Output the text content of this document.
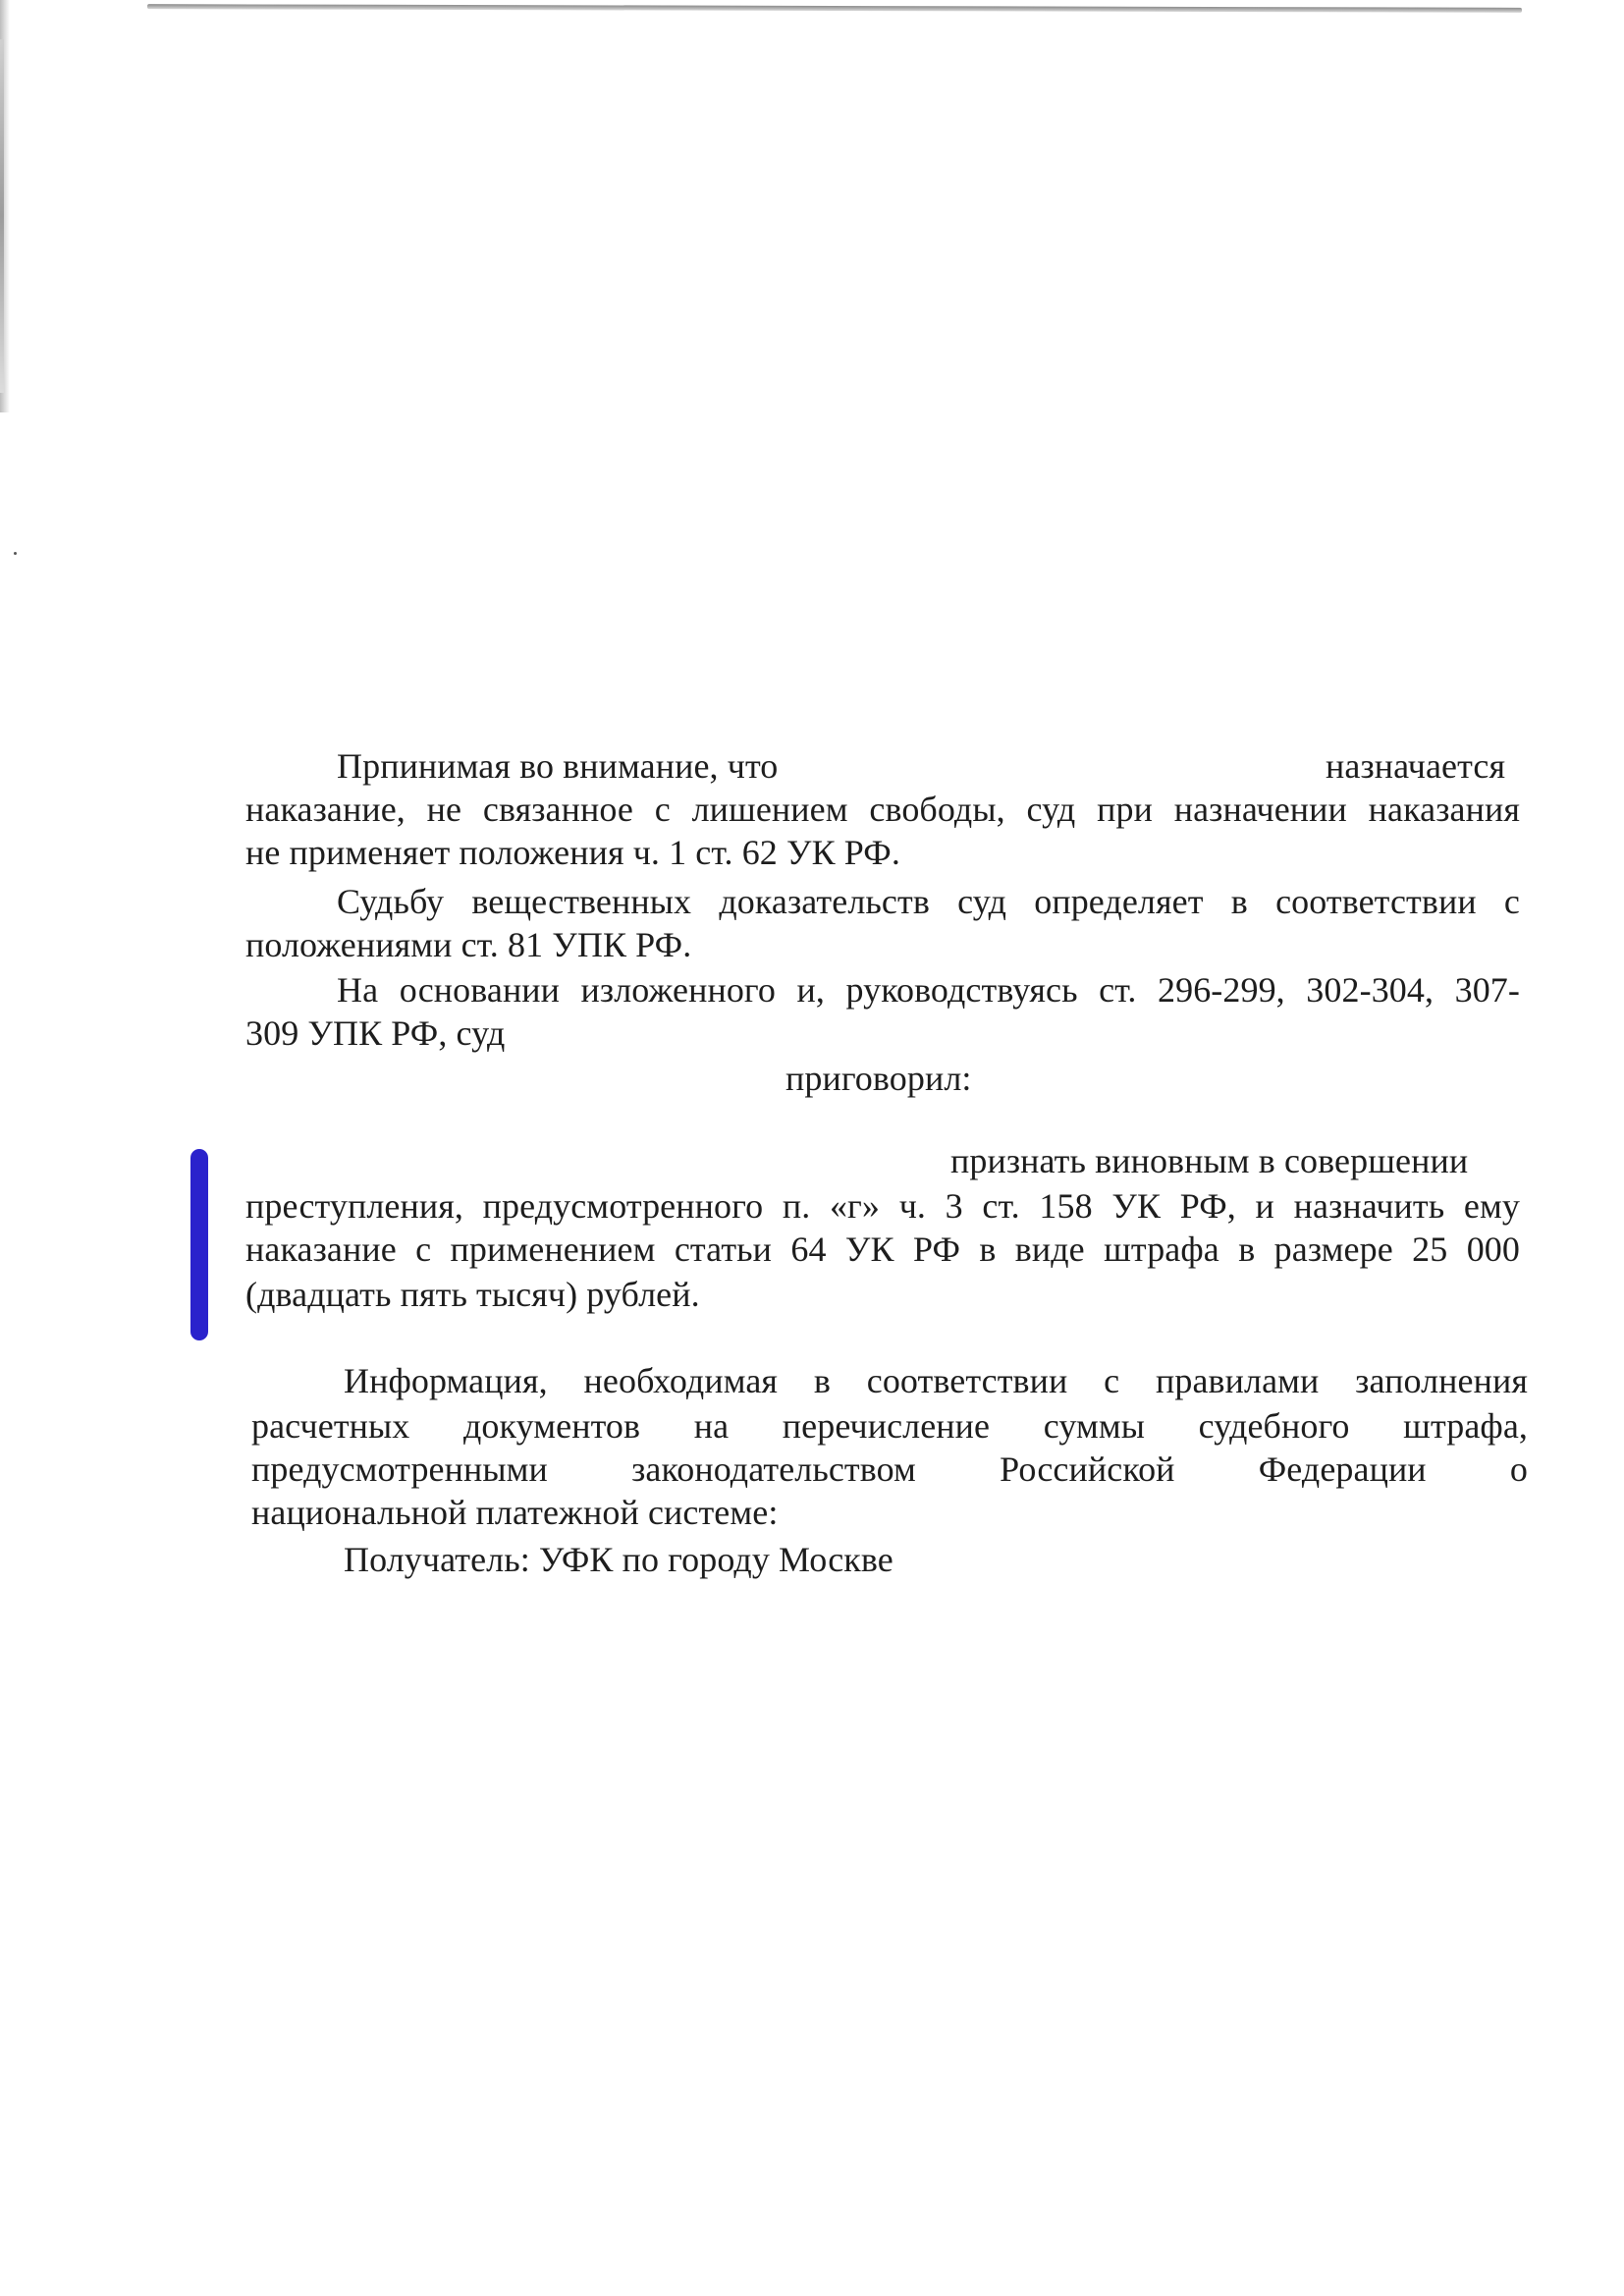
Прпинимая во внимание, что	назначается
наказание, не связанное с лишением свободы, суд при назначении наказания
не применяет положения ч. 1 ст. 62 УК РФ.
Судьбу вещественных доказательств суд определяет в соответствии с
положениями ст. 81 УПК РФ.
На основании изложенного и, руководствуясь ст. 296-299, 302-304, 307-
309 УПК РФ, суд
приговорил:
признать виновным в совершении
преступления, предусмотренного п. «г» ч. 3 ст. 158 УК РФ, и назначить ему
наказание с применением статьи 64 УК РФ в виде штрафа в размере 25 000
(двадцать пять тысяч) рублей.
Информация, необходимая в соответствии с правилами заполнения
расчетных документов на перечисление суммы судебного штрафа,
предусмотренными законодательством Российской Федерации о
национальной платежной системе:
Получатель: УФК по городу Москве
